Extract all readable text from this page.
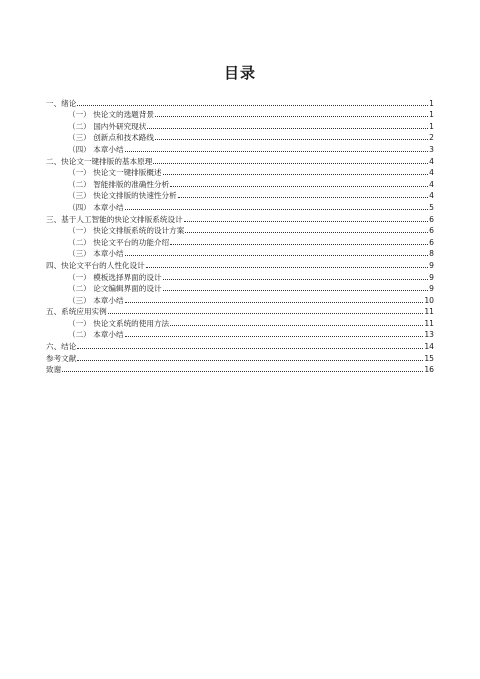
目录
一、绪论	1
（一） 快论文的选题背景	1
（二） 国内外研究现状	1
（三） 创新点和技术路线	2
（四） 本章小结	3
二、快论文一键排版的基本原理	4
（一） 快论文一键排版概述	4
（二） 智能排版的准确性分析	4
（三） 快论文排版的快速性分析	4
（四） 本章小结	5
三、基于人工智能的快论文排版系统设计	6
（一） 快论文排版系统的设计方案	6
（二） 快论文平台的功能介绍	6
（三） 本章小结	8
四、快论文平台的人性化设计	9
（一） 模板选择界面的设计	9
（二） 论文编辑界面的设计	9
（三） 本章小结	10
五、系统应用实例	11
（一） 快论文系统的使用方法	11
（二） 本章小结	13
六、结论	14
参考文献	15
致谢	16
